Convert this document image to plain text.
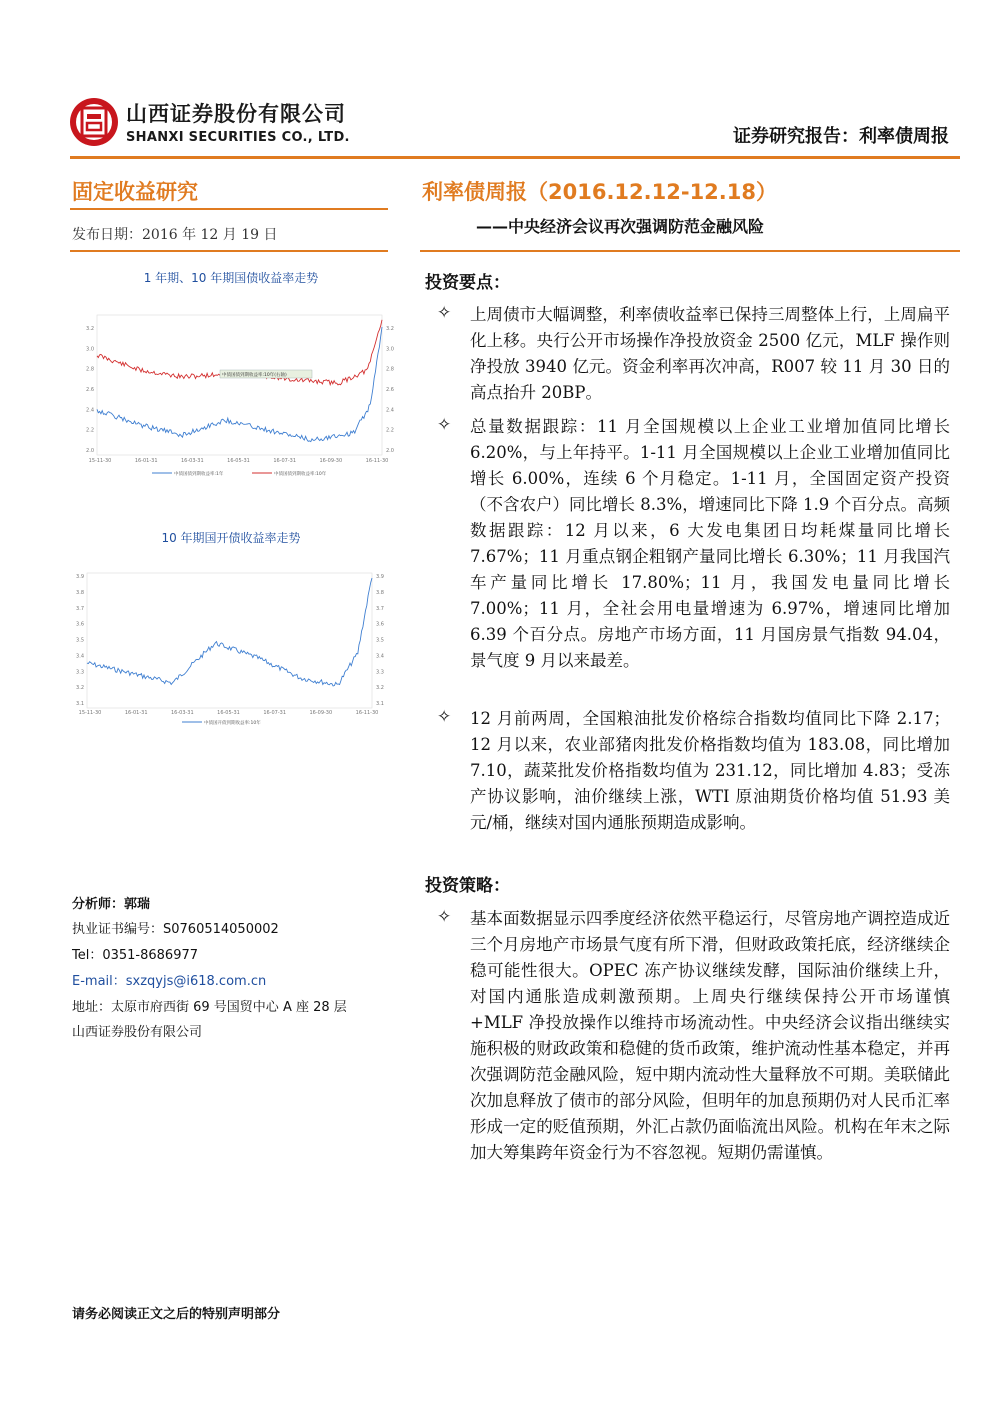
山西证券股份有限公司
SHANXI SECURITIES CO., LTD.	证券研究报告：利率债周报
固定收益研究
发布日期：2016 年 12 月 19 日
1 年期、10 年期国债收益率走势
3.2
3.0
2.8
2.6
2.4
2.2
2.0
3.2
3.0
2.8
2.6
2.4
2.2
2.0
15-11-30	16-01-31	16-03-31	16-05-31	16-07-31	16-09-30	16-11-30
中债国债到期收益率:10年(右轴)
中债国债到期收益率:1年	中债国债到期收益率:10年
10 年期国开债收益率走势
3.9
3.8
3.7
3.6
3.5
3.4
3.3
3.2
3.1
3.9
3.8
3.7
3.6
3.5
3.4
3.3
3.2
3.1
15-11-30	16-01-31	16-03-31	16-05-31	16-07-31	16-09-30	16-11-30
中债国开债到期收益率:10年
分析师：郭瑞
执业证书编号：S0760514050002
Tel：0351-8686977
E-mail：sxzqyjs@i618.com.cn
地址：太原市府西街 69 号国贸中心 A 座 28 层
山西证券股份有限公司
利率债周报（2016.12.12-12.18）
——中央经济会议再次强调防范金融风险
投资要点：
✧ 上周债市大幅调整，利率债收益率已保持三周整体上行，上周扁平化上移。央行公开市场操作净投放资金 2500 亿元，MLF 操作则净投放 3940 亿元。资金利率再次冲高，R007 较 11 月 30 日的高点抬升 20BP。
✧ 总量数据跟踪：11 月全国规模以上企业工业增加值同比增长 6.20%，与上年持平。1-11 月全国规模以上企业工业增加值同比增长 6.00%，连续 6 个月稳定。1-11 月，全国固定资产投资（不含农户）同比增长 8.3%，增速同比下降 1.9 个百分点。高频数据跟踪：12 月以来，6 大发电集团日均耗煤量同比增长 7.67%；11 月重点钢企粗钢产量同比增长 6.30%；11 月我国汽车产量同比增长 17.80%；11 月，我国发电量同比增长 7.00%；11 月，全社会用电量增速为 6.97%，增速同比增加 6.39 个百分点。房地产市场方面，11 月国房景气指数 94.04，景气度 9 月以来最差。
✧ 12 月前两周，全国粮油批发价格综合指数均值同比下降 2.17；12 月以来，农业部猪肉批发价格指数均值为 183.08，同比增加 7.10，蔬菜批发价格指数均值为 231.12，同比增加 4.83；受冻产协议影响，油价继续上涨，WTI 原油期货价格均值 51.93 美元/桶，继续对国内通胀预期造成影响。
投资策略：
✧ 基本面数据显示四季度经济依然平稳运行，尽管房地产调控造成近三个月房地产市场景气度有所下滑，但财政政策托底，经济继续企稳可能性很大。OPEC 冻产协议继续发酵，国际油价继续上升，对国内通胀造成刺激预期。上周央行继续保持公开市场谨慎+MLF 净投放操作以维持市场流动性。中央经济会议指出继续实施积极的财政政策和稳健的货币政策，维护流动性基本稳定，并再次强调防范金融风险，短中期内流动性大量释放不可期。美联储此次加息释放了债市的部分风险，但明年的加息预期仍对人民币汇率形成一定的贬值预期，外汇占款仍面临流出风险。机构在年末之际加大筹集跨年资金行为不容忽视。短期仍需谨慎。
请务必阅读正文之后的特别声明部分
